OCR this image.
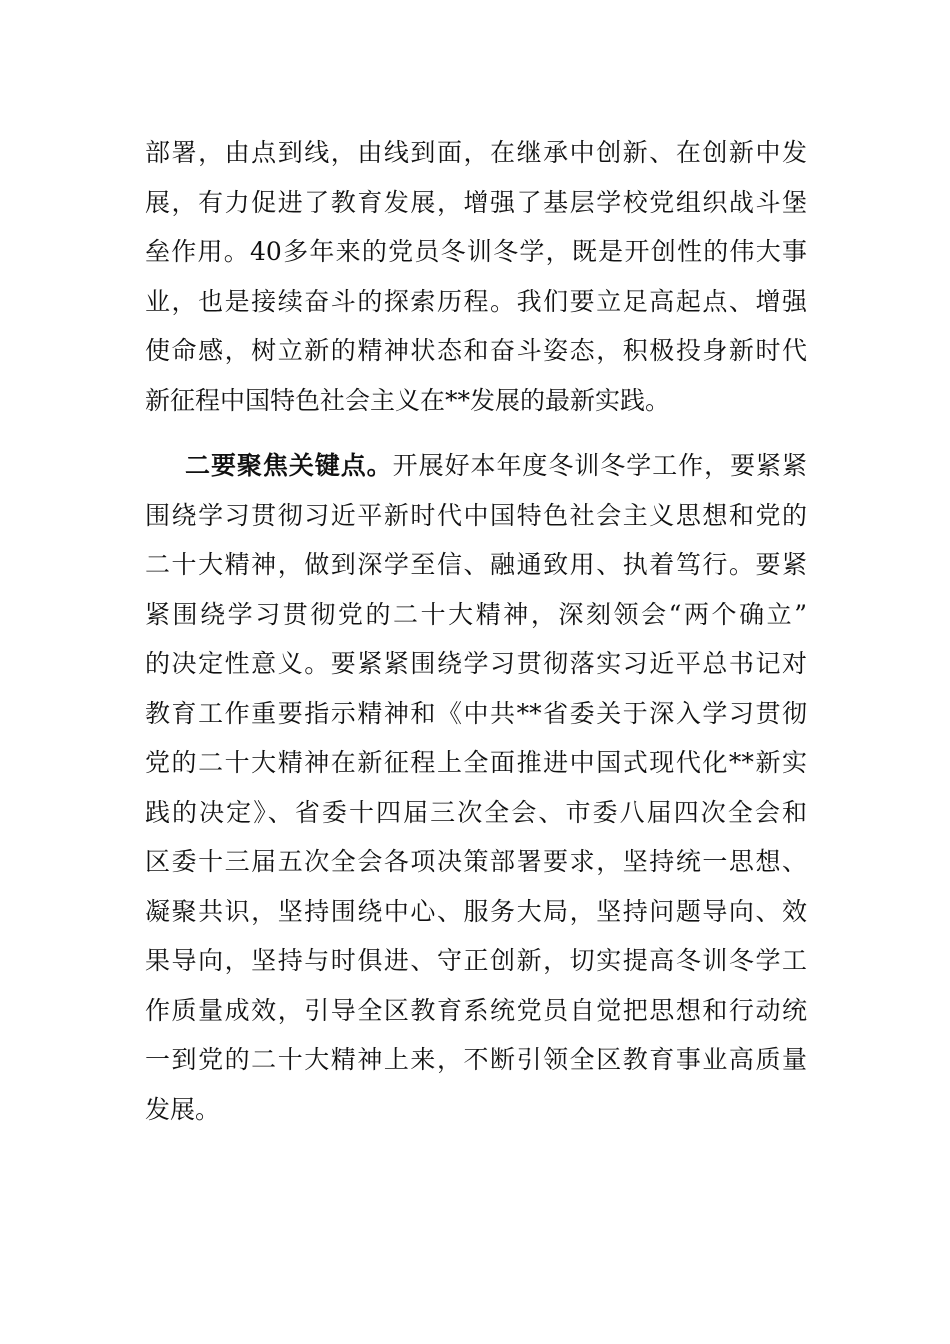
部署，由点到线，由线到面，在继承中创新、在创新中发
展，有力促进了教育发展，增强了基层学校党组织战斗堡
垒作用。40多年来的党员冬训冬学，既是开创性的伟大事
业，也是接续奋斗的探索历程。我们要立足高起点、增强
使命感，树立新的精神状态和奋斗姿态，积极投身新时代
新征程中国特色社会主义在**发展的最新实践。
二要聚焦关键点。开展好本年度冬训冬学工作，要紧紧
围绕学习贯彻习近平新时代中国特色社会主义思想和党的
二十大精神，做到深学至信、融通致用、执着笃行。要紧
紧围绕学习贯彻党的二十大精神，深刻领会“两个确立”
的决定性意义。要紧紧围绕学习贯彻落实习近平总书记对
教育工作重要指示精神和《中共**省委关于深入学习贯彻
党的二十大精神在新征程上全面推进中国式现代化**新实
践的决定》、省委十四届三次全会、市委八届四次全会和
区委十三届五次全会各项决策部署要求，坚持统一思想、
凝聚共识，坚持围绕中心、服务大局，坚持问题导向、效
果导向，坚持与时俱进、守正创新，切实提高冬训冬学工
作质量成效，引导全区教育系统党员自觉把思想和行动统
一到党的二十大精神上来，不断引领全区教育事业高质量
发展。
